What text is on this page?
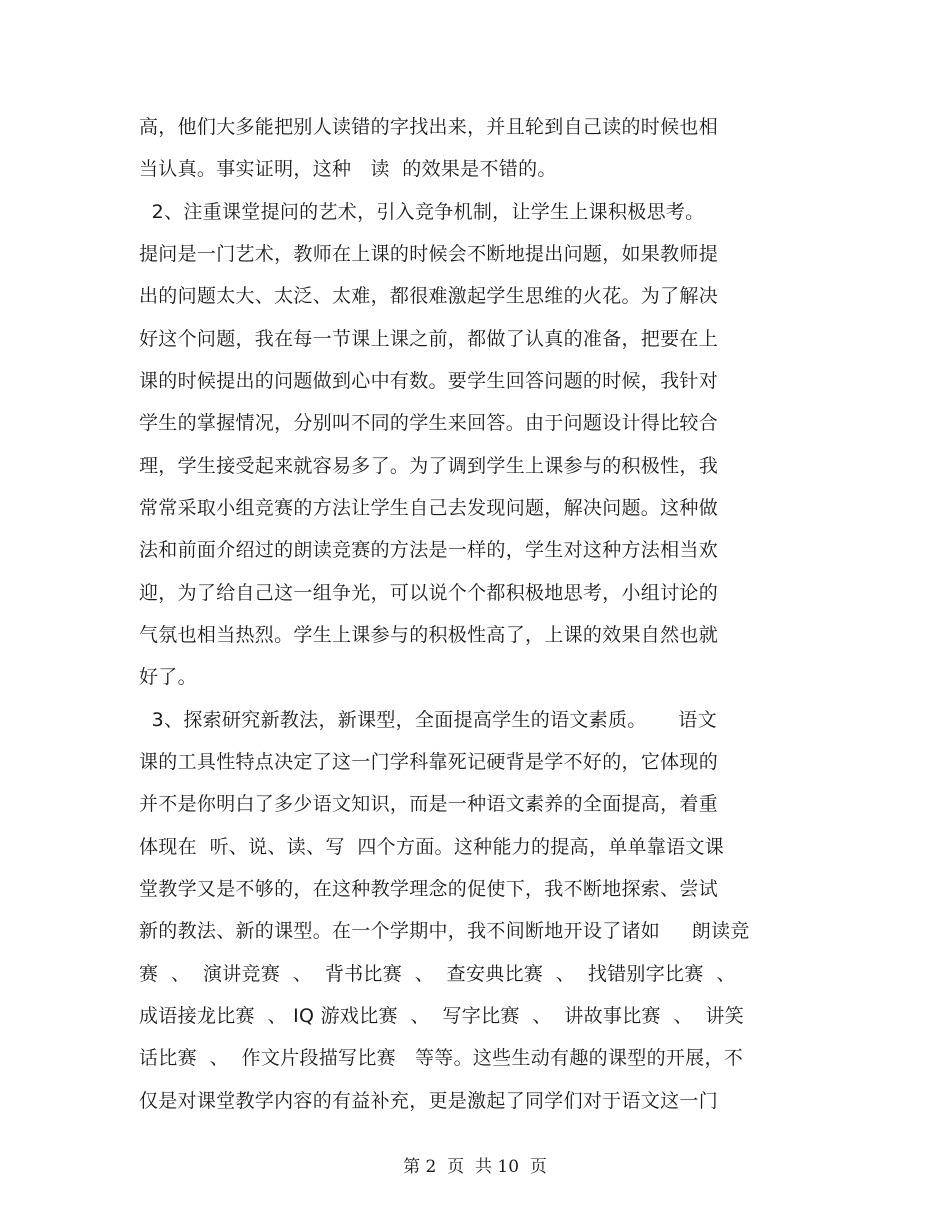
高，他们大多能把别人读错的字找出来，并且轮到自己读的时候也相
当认真。事实证明，这种   读  的效果是不错的。
2、注重课堂提问的艺术，引入竞争机制，让学生上课积极思考。
提问是一门艺术，教师在上课的时候会不断地提出问题，如果教师提
出的问题太大、太泛、太难，都很难激起学生思维的火花。为了解决
好这个问题，我在每一节课上课之前，都做了认真的准备，把要在上
课的时候提出的问题做到心中有数。要学生回答问题的时候，我针对
学生的掌握情况，分别叫不同的学生来回答。由于问题设计得比较合
理，学生接受起来就容易多了。为了调到学生上课参与的积极性，我
常常采取小组竞赛的方法让学生自己去发现问题，解决问题。这种做
法和前面介绍过的朗读竞赛的方法是一样的，学生对这种方法相当欢
迎，为了给自己这一组争光，可以说个个都积极地思考，小组讨论的
气氛也相当热烈。学生上课参与的积极性高了，上课的效果自然也就
好了。
3、探索研究新教法，新课型，全面提高学生的语文素质。     语文
课的工具性特点决定了这一门学科靠死记硬背是学不好的，它体现的
并不是你明白了多少语文知识，而是一种语文素养的全面提高，着重
体现在  听、说、读、写  四个方面。这种能力的提高，单单靠语文课
堂教学又是不够的，在这种教学理念的促使下，我不断地探索、尝试
新的教法、新的课型。在一个学期中，我不间断地开设了诸如     朗读竞
赛  、  演讲竞赛  、  背书比赛  、  查安典比赛  、  找错别字比赛  、
成语接龙比赛  、 IQ 游戏比赛  、  写字比赛  、  讲故事比赛  、  讲笑
话比赛  、  作文片段描写比赛   等等。这些生动有趣的课型的开展，不
仅是对课堂教学内容的有益补充，更是激起了同学们对于语文这一门
第 2  页  共 10  页
